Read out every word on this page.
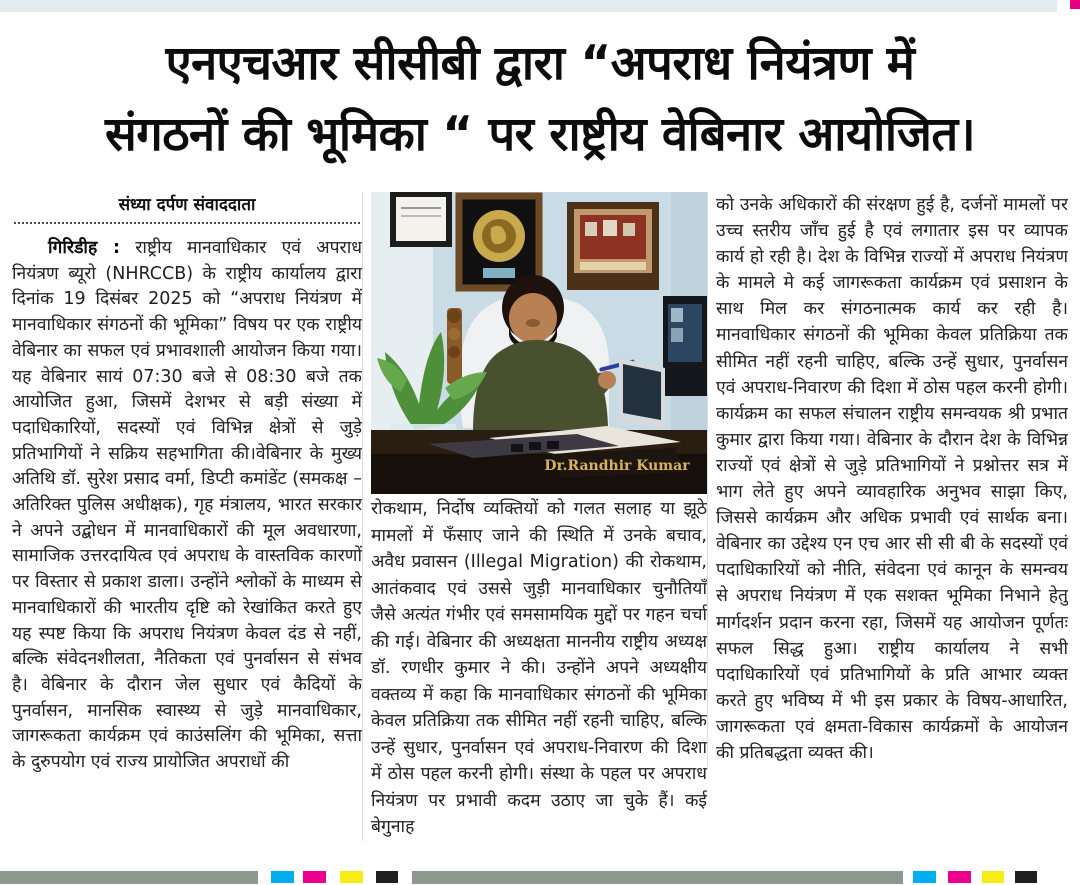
एनएचआर सीसीबी द्वारा “अपराध नियंत्रण में
संगठनों की भूमिका “ पर राष्ट्रीय वेबिनार आयोजित।
संध्या दर्पण संवाददाता

गिरिडीह : राष्ट्रीय मानवाधिकार एवं अपराध नियंत्रण ब्यूरो (NHRCCB) के राष्ट्रीय कार्यालय द्वारा दिनांक 19 दिसंबर 2025 को “अपराध नियंत्रण में मानवाधिकार संगठनों की भूमिका” विषय पर एक राष्ट्रीय वेबिनार का सफल एवं प्रभावशाली आयोजन किया गया। यह वेबिनार सायं 07:30 बजे से 08:30 बजे तक आयोजित हुआ, जिसमें देशभर से बड़ी संख्या में पदाधिकारियों, सदस्यों एवं विभिन्न क्षेत्रों से जुड़े प्रतिभागियों ने सक्रिय सहभागिता की।वेबिनार के मुख्य अतिथि डॉ. सुरेश प्रसाद वर्मा, डिप्टी कमांडेंट (समकक्ष – अतिरिक्त पुलिस अधीक्षक), गृह मंत्रालय, भारत सरकार ने अपने उद्बोधन में मानवाधिकारों की मूल अवधारणा, सामाजिक उत्तरदायित्व एवं अपराध के वास्तविक कारणों पर विस्तार से प्रकाश डाला। उन्होंने श्लोकों के माध्यम से मानवाधिकारों की भारतीय दृष्टि को रेखांकित करते हुए यह स्पष्ट किया कि अपराध नियंत्रण केवल दंड से नहीं, बल्कि संवेदनशीलता, नैतिकता एवं पुनर्वासन से संभव है। वेबिनार के दौरान जेल सुधार एवं कैदियों के पुनर्वासन, मानसिक स्वास्थ्य से जुड़े मानवाधिकार, जागरूकता कार्यक्रम एवं काउंसलिंग की भूमिका, सत्ता के दुरुपयोग एवं राज्य प्रायोजित अपराधों की

Dr.Randhir Kumar

रोकथाम, निर्दोष व्यक्तियों को गलत सलाह या झूठे मामलों में फँसाए जाने की स्थिति में उनके बचाव, अवैध प्रवासन (Illegal Migration) की रोकथाम, आतंकवाद एवं उससे जुड़ी मानवाधिकार चुनौतियाँ जैसे अत्यंत गंभीर एवं समसामयिक मुद्दों पर गहन चर्चा की गई। वेबिनार की अध्यक्षता माननीय राष्ट्रीय अध्यक्ष डॉ. रणधीर कुमार ने की। उन्होंने अपने अध्यक्षीय वक्तव्य में कहा कि मानवाधिकार संगठनों की भूमिका केवल प्रतिक्रिया तक सीमित नहीं रहनी चाहिए, बल्कि उन्हें सुधार, पुनर्वासन एवं अपराध-निवारण की दिशा में ठोस पहल करनी होगी। संस्था के पहल पर अपराध नियंत्रण पर प्रभावी कदम उठाए जा चुके हैं। कई बेगुनाह

को उनके अधिकारों की संरक्षण हुई है, दर्जनों मामलों पर उच्च स्तरीय जाँच हुई है एवं लगातार इस पर व्यापक कार्य हो रही है। देश के विभिन्न राज्यों में अपराध नियंत्रण के मामले मे कई जागरूकता कार्यक्रम एवं प्रसाशन के साथ मिल कर संगठनात्मक कार्य कर रही है। मानवाधिकार संगठनों की भूमिका केवल प्रतिक्रिया तक सीमित नहीं रहनी चाहिए, बल्कि उन्हें सुधार, पुनर्वासन एवं अपराध-निवारण की दिशा में ठोस पहल करनी होगी। कार्यक्रम का सफल संचालन राष्ट्रीय समन्वयक श्री प्रभात कुमार द्वारा किया गया। वेबिनार के दौरान देश के विभिन्न राज्यों एवं क्षेत्रों से जुड़े प्रतिभागियों ने प्रश्नोत्तर सत्र में भाग लेते हुए अपने व्यावहारिक अनुभव साझा किए, जिससे कार्यक्रम और अधिक प्रभावी एवं सार्थक बना। वेबिनार का उद्देश्य एन एच आर सी सी बी के सदस्यों एवं पदाधिकारियों को नीति, संवेदना एवं कानून के समन्वय से अपराध नियंत्रण में एक सशक्त भूमिका निभाने हेतु मार्गदर्शन प्रदान करना रहा, जिसमें यह आयोजन पूर्णतः सफल सिद्ध हुआ। राष्ट्रीय कार्यालय ने सभी पदाधिकारियों एवं प्रतिभागियों के प्रति आभार व्यक्त करते हुए भविष्य में भी इस प्रकार के विषय-आधारित, जागरूकता एवं क्षमता-विकास कार्यक्रमों के आयोजन की प्रतिबद्धता व्यक्त की।
